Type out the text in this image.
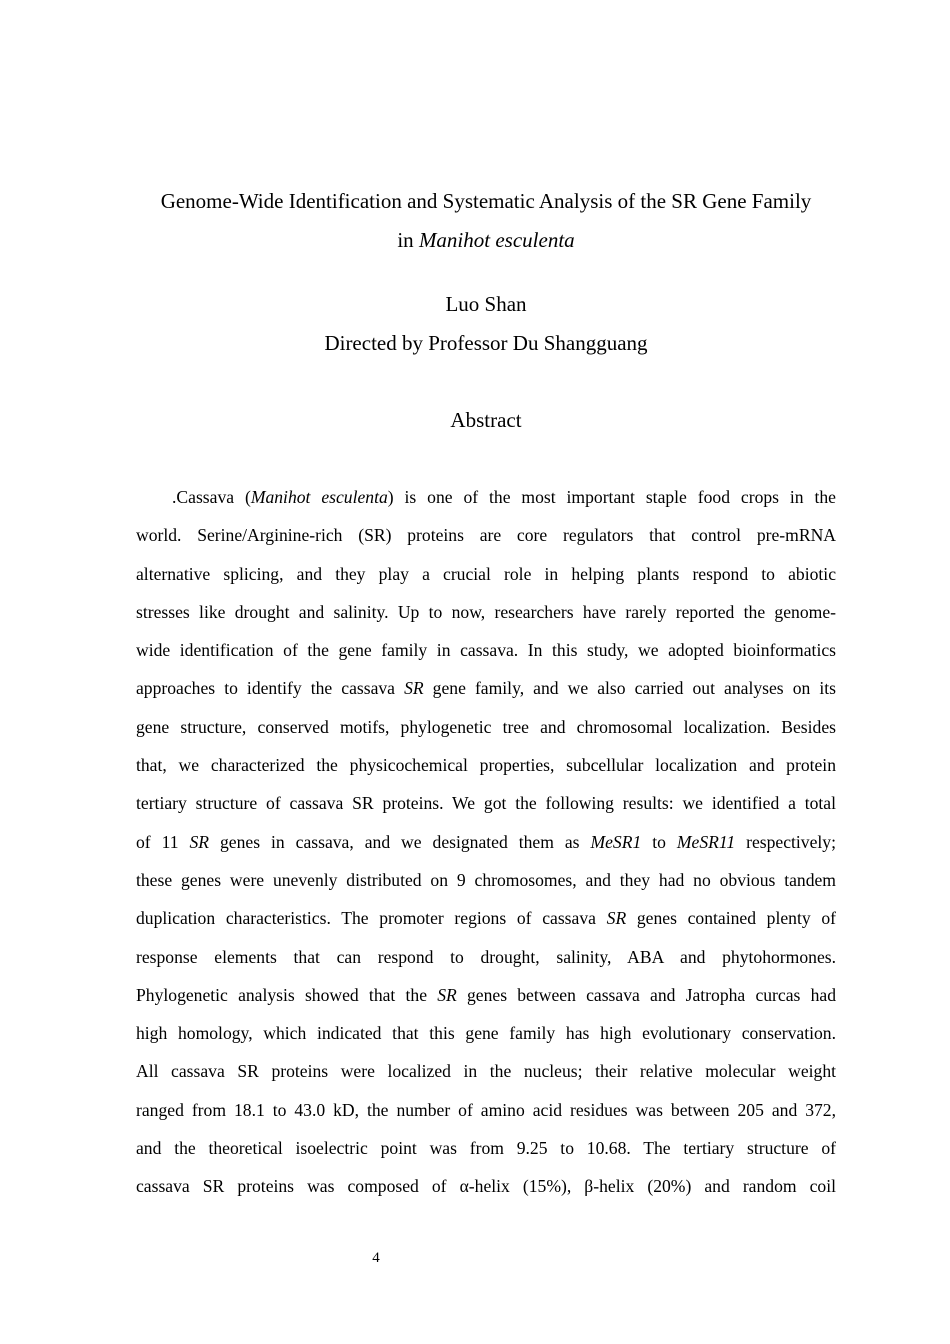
Genome-Wide Identification and Systematic Analysis of the SR Gene Family
in Manihot esculenta
Luo Shan
Directed by Professor Du Shangguang
Abstract
.Cassava (Manihot esculenta) is one of the most important staple food crops in the
world. Serine/Arginine-rich (SR) proteins are core regulators that control pre-mRNA
alternative splicing, and they play a crucial role in helping plants respond to abiotic
stresses like drought and salinity. Up to now, researchers have rarely reported the genome-
wide identification of the gene family in cassava. In this study, we adopted bioinformatics
approaches to identify the cassava SR gene family, and we also carried out analyses on its
gene structure, conserved motifs, phylogenetic tree and chromosomal localization. Besides
that, we characterized the physicochemical properties, subcellular localization and protein
tertiary structure of cassava SR proteins. We got the following results: we identified a total
of 11 SR genes in cassava, and we designated them as MeSR1 to MeSR11 respectively;
these genes were unevenly distributed on 9 chromosomes, and they had no obvious tandem
duplication characteristics. The promoter regions of cassava SR genes contained plenty of
response elements that can respond to drought, salinity, ABA and phytohormones.
Phylogenetic analysis showed that the SR genes between cassava and Jatropha curcas had
high homology, which indicated that this gene family has high evolutionary conservation.
All cassava SR proteins were localized in the nucleus; their relative molecular weight
ranged from 18.1 to 43.0 kD, the number of amino acid residues was between 205 and 372,
and the theoretical isoelectric point was from 9.25 to 10.68. The tertiary structure of
cassava SR proteins was composed of α-helix (15%), β-helix (20%) and random coil
4
